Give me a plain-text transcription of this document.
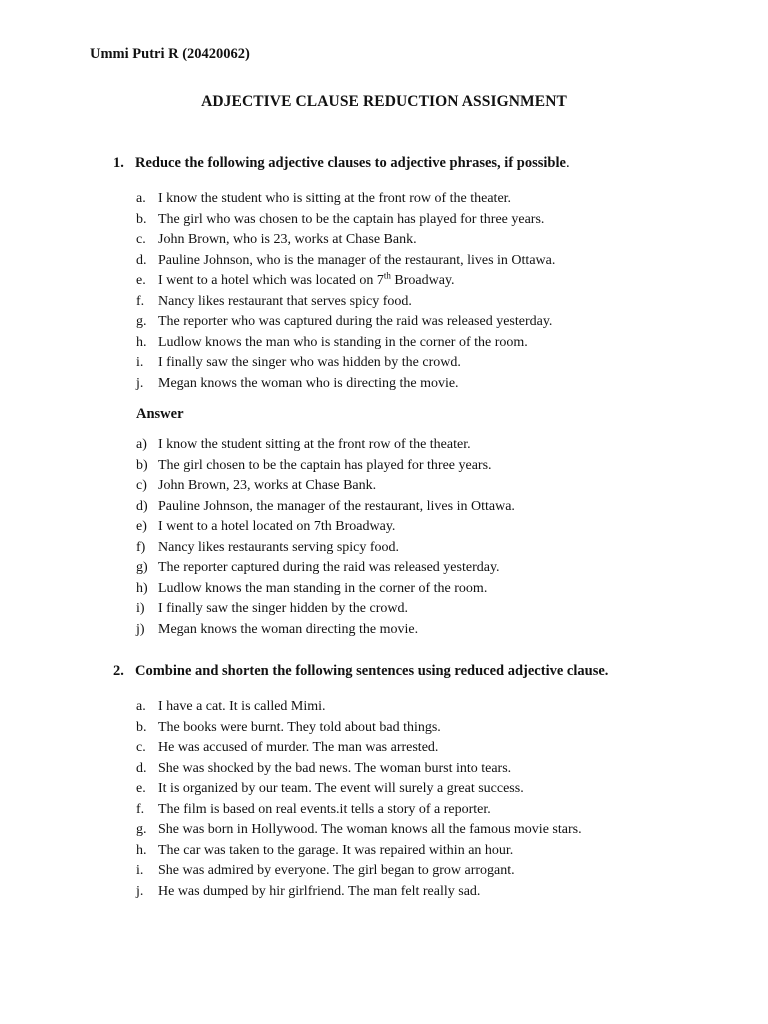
Ummi Putri R (20420062)
ADJECTIVE CLAUSE REDUCTION ASSIGNMENT
1. Reduce the following adjective clauses to adjective phrases, if possible.
a. I know the student who is sitting at the front row of the theater.
b. The girl who was chosen to be the captain has played for three years.
c. John Brown, who is 23, works at Chase Bank.
d. Pauline Johnson, who is the manager of the restaurant, lives in Ottawa.
e. I went to a hotel which was located on 7th Broadway.
f. Nancy likes restaurant that serves spicy food.
g. The reporter who was captured during the raid was released yesterday.
h. Ludlow knows the man who is standing in the corner of the room.
i. I finally saw the singer who was hidden by the crowd.
j. Megan knows the woman who is directing the movie.
Answer
a) I know the student sitting at the front row of the theater.
b) The girl chosen to be the captain has played for three years.
c) John Brown, 23, works at Chase Bank.
d) Pauline Johnson, the manager of the restaurant, lives in Ottawa.
e) I went to a hotel located on 7th Broadway.
f) Nancy likes restaurants serving spicy food.
g) The reporter captured during the raid was released yesterday.
h) Ludlow knows the man standing in the corner of the room.
i) I finally saw the singer hidden by the crowd.
j) Megan knows the woman directing the movie.
2. Combine and shorten the following sentences using reduced adjective clause.
a. I have a cat. It is called Mimi.
b. The books were burnt. They told about bad things.
c. He was accused of murder. The man was arrested.
d. She was shocked by the bad news. The woman burst into tears.
e. It is organized by our team. The event will surely a great success.
f. The film is based on real events.it tells a story of a reporter.
g. She was born in Hollywood. The woman knows all the famous movie stars.
h. The car was taken to the garage. It was repaired within an hour.
i. She was admired by everyone. The girl began to grow arrogant.
j. He was dumped by hir girlfriend. The man felt really sad.
